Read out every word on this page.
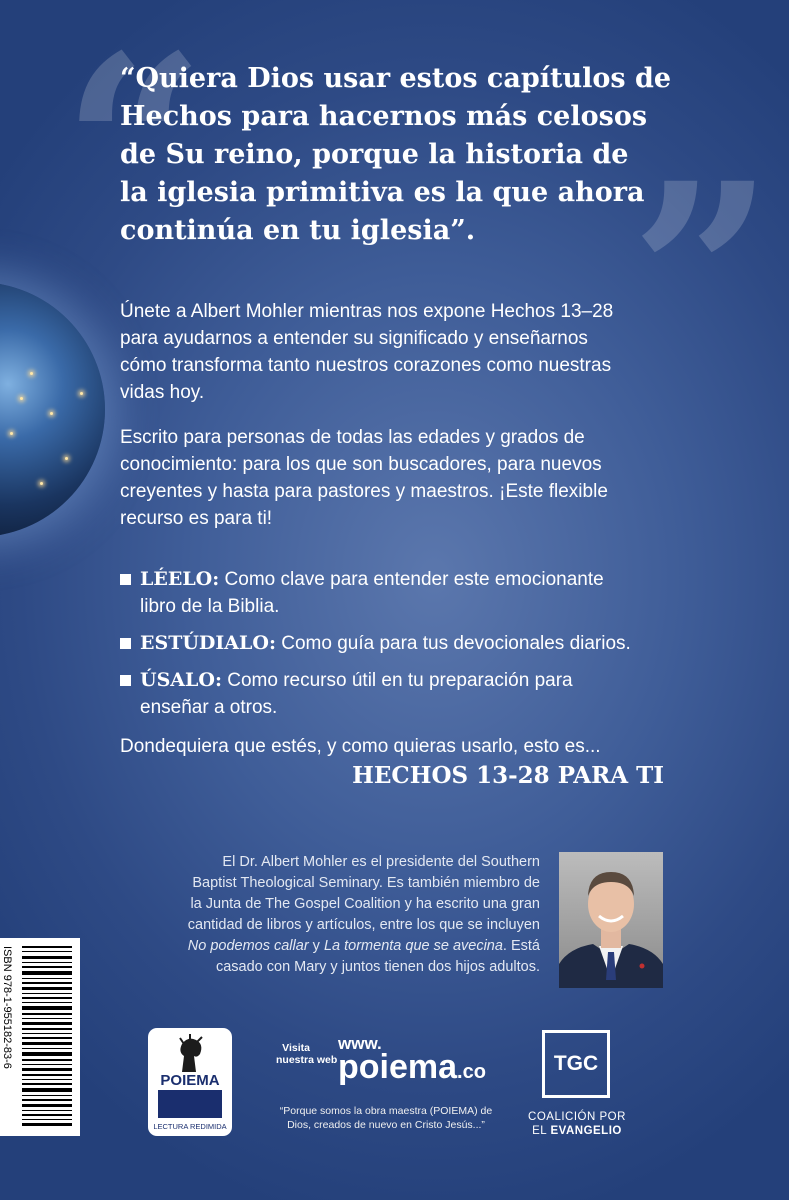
“ ”
“Quiera Dios usar estos capítulos de
Hechos para hacernos más celosos
de Su reino, porque la historia de
la iglesia primitiva es la que ahora
continúa en tu iglesia”.
Únete a Albert Mohler mientras nos expone Hechos 13–28
para ayudarnos a entender su significado y enseñarnos
cómo transforma tanto nuestros corazones como nuestras
vidas hoy.
Escrito para personas de todas las edades y grados de
conocimiento: para los que son buscadores, para nuevos
creyentes y hasta para pastores y maestros. ¡Este flexible
recurso es para ti!
LÉELO: Como clave para entender este emocionante
libro de la Biblia.
ESTÚDIALO: Como guía para tus devocionales diarios.
ÚSALO: Como recurso útil en tu preparación para
enseñar a otros.
Dondequiera que estés, y como quieras usarlo, esto es...
HECHOS 13-28 PARA TI
El Dr. Albert Mohler es el presidente del Southern
Baptist Theological Seminary. Es también miembro de
la Junta de The Gospel Coalition y ha escrito una gran
cantidad de libros y artículos, entre los que se incluyen
No podemos callar y La tormenta que se avecina. Está
casado con Mary y juntos tienen dos hijos adultos.
ISBN 978-1-955182-83-6
POIEMA
LECTURA REDIMIDA
Visita
nuestra web
www.
poiema.co
“Porque somos la obra maestra (POIEMA) de Dios, creados de nuevo en Cristo Jesús...”
TGC
COALICIÓN POR
EL EVANGELIO
